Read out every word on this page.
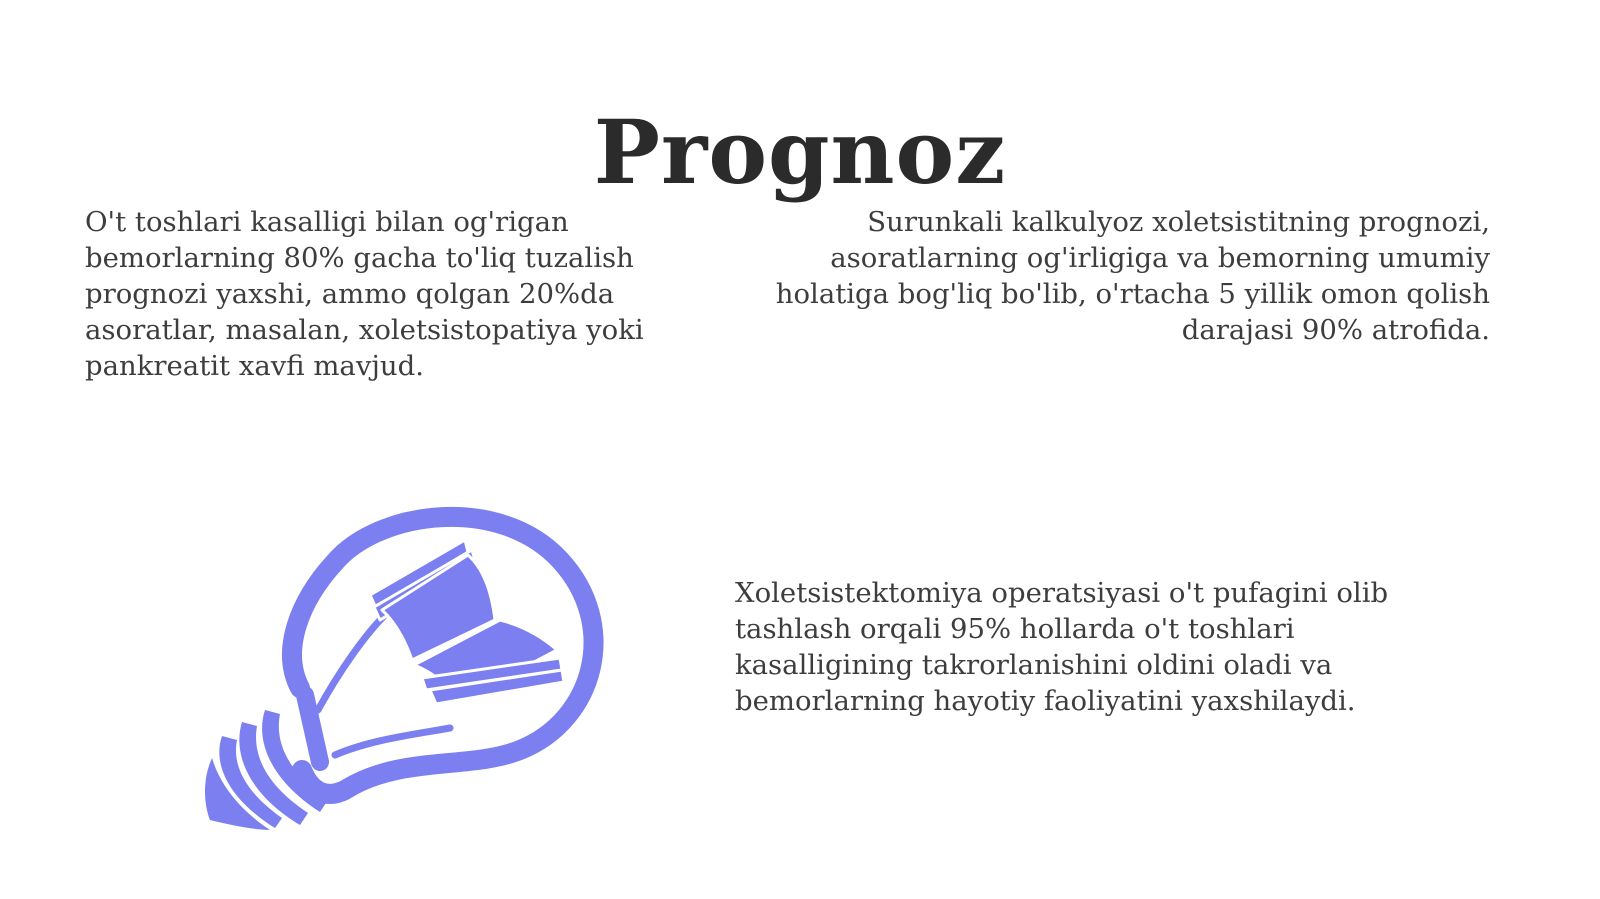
Prognoz

O't toshlari kasalligi bilan og'rigan bemorlarning 80% gacha to'liq tuzalish prognozi yaxshi, ammo qolgan 20%da asoratlar, masalan, xoletsistopatiya yoki pankreatit xavfi mavjud.

Surunkali kalkulyoz xoletsistitning prognozi, asoratlarning og'irligiga va bemorning umumiy holatiga bog'liq bo'lib, o'rtacha 5 yillik omon qolish darajasi 90% atrofida.

Xoletsistektomiya operatsiyasi o't pufagini olib tashlash orqali 95% hollarda o't toshlari kasalligining takrorlanishini oldini oladi va bemorlarning hayotiy faoliyatini yaxshilaydi.
